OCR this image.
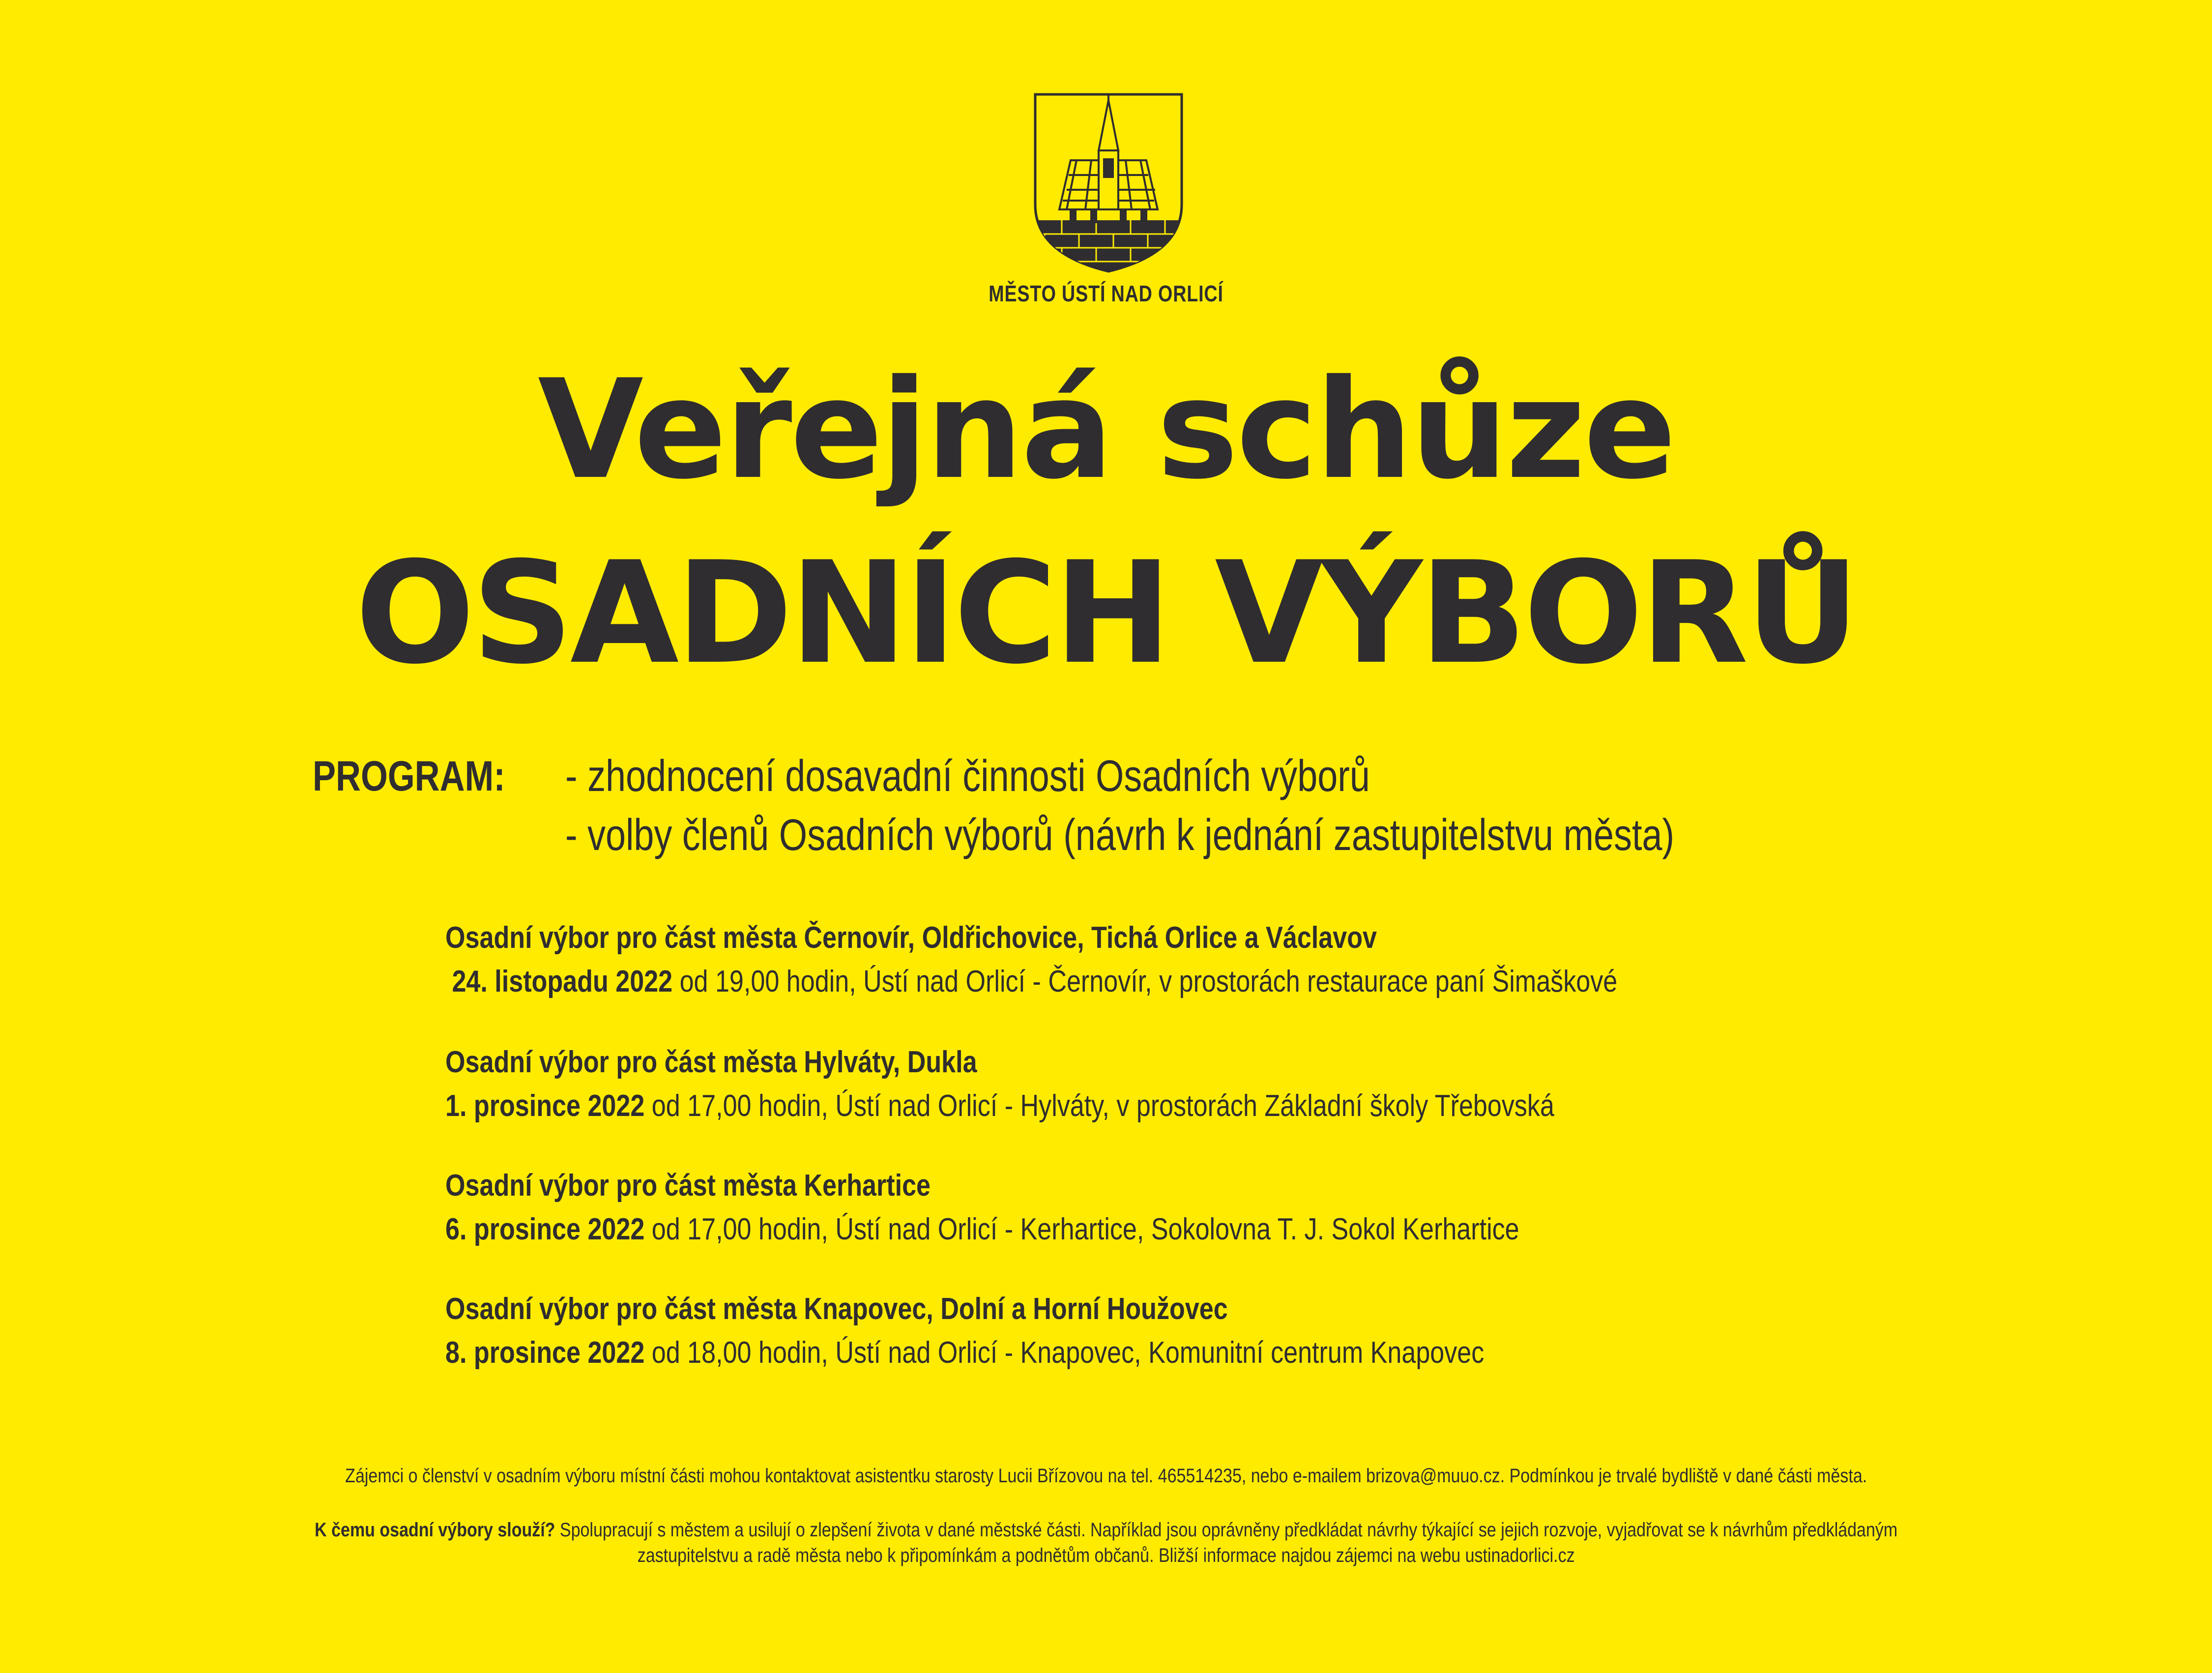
MĚSTO ÚSTÍ NAD ORLICÍ
Veřejná schůze
OSADNÍCH VÝBORŮ
PROGRAM: - zhodnocení dosavadní činnosti Osadních výborů
- volby členů Osadních výborů (návrh k jednání zastupitelstvu města)
Osadní výbor pro část města Černovír, Oldřichovice, Tichá Orlice a Václavov
24. listopadu 2022 od 19,00 hodin, Ústí nad Orlicí - Černovír, v prostorách restaurace paní Šimaškové
Osadní výbor pro část města Hylváty, Dukla
1. prosince 2022 od 17,00 hodin, Ústí nad Orlicí - Hylváty, v prostorách Základní školy Třebovská
Osadní výbor pro část města Kerhartice
6. prosince 2022 od 17,00 hodin, Ústí nad Orlicí - Kerhartice, Sokolovna T. J. Sokol Kerhartice
Osadní výbor pro část města Knapovec, Dolní a Horní Houžovec
8. prosince 2022 od 18,00 hodin, Ústí nad Orlicí - Knapovec, Komunitní centrum Knapovec
Zájemci o členství v osadním výboru místní části mohou kontaktovat asistentku starosty Lucii Břízovou na tel. 465514235, nebo e-mailem brizova@muuo.cz. Podmínkou je trvalé bydliště v dané části města.
K čemu osadní výbory slouží? Spolupracují s městem a usilují o zlepšení života v dané městské části. Například jsou oprávněny předkládat návrhy týkající se jejich rozvoje, vyjadřovat se k návrhům předkládaným
zastupitelstvu a radě města nebo k připomínkám a podnětům občanů. Bližší informace najdou zájemci na webu ustinadorlici.cz
